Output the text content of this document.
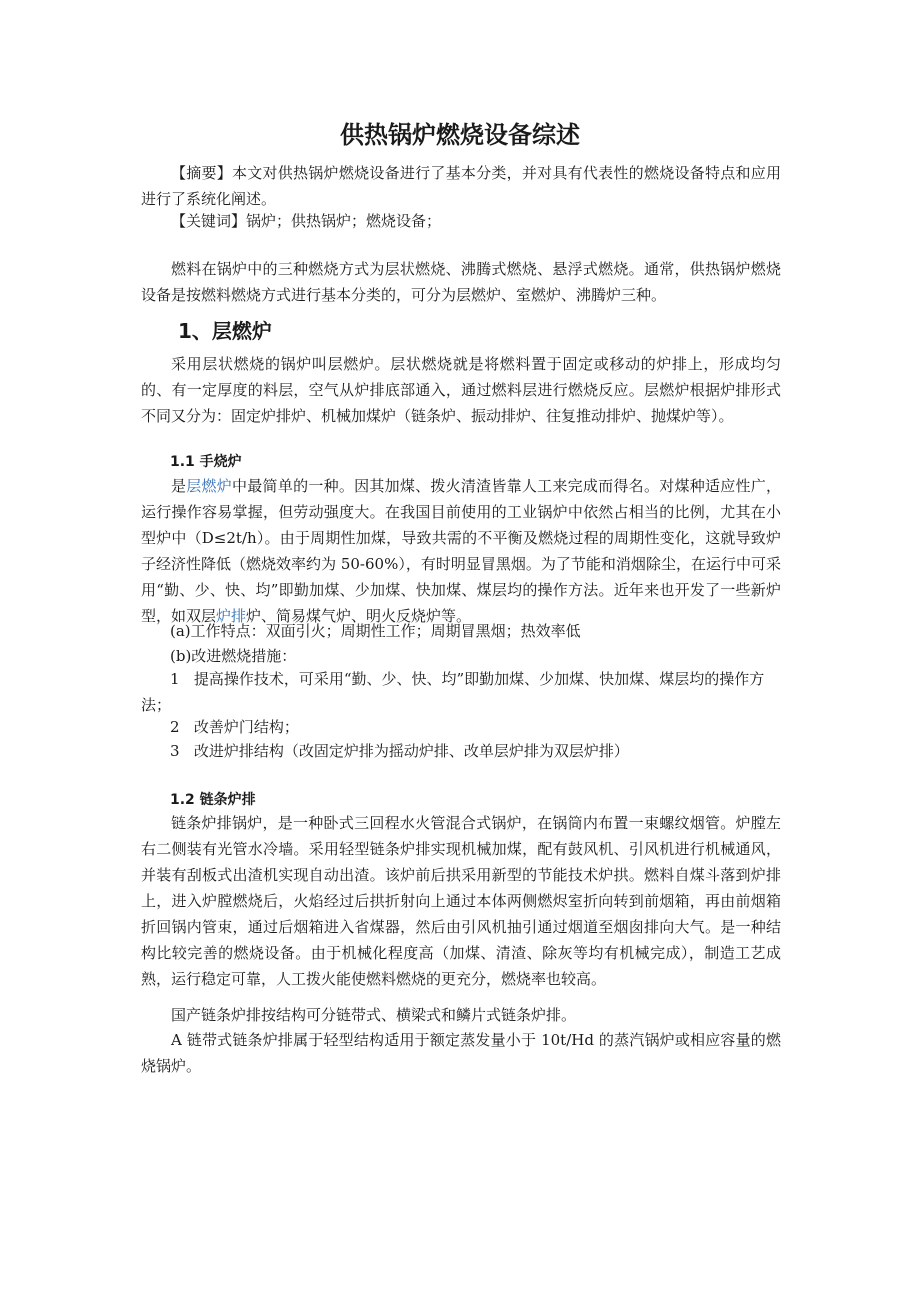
供热锅炉燃烧设备综述
【摘要】本文对供热锅炉燃烧设备进行了基本分类，并对具有代表性的燃烧设备特点和应用进行了系统化阐述。
【关键词】锅炉；供热锅炉；燃烧设备；
燃料在锅炉中的三种燃烧方式为层状燃烧、沸腾式燃烧、悬浮式燃烧。通常，供热锅炉燃烧设备是按燃料燃烧方式进行基本分类的，可分为层燃炉、室燃炉、沸腾炉三种。
1、层燃炉
采用层状燃烧的锅炉叫层燃炉。层状燃烧就是将燃料置于固定或移动的炉排上，形成均匀的、有一定厚度的料层，空气从炉排底部通入，通过燃料层进行燃烧反应。层燃炉根据炉排形式不同又分为：固定炉排炉、机械加煤炉（链条炉、振动排炉、往复推动排炉、抛煤炉等）。
1.1 手烧炉
是层燃炉中最简单的一种。因其加煤、拨火清渣皆靠人工来完成而得名。对煤种适应性广，运行操作容易掌握，但劳动强度大。在我国目前使用的工业锅炉中依然占相当的比例，尤其在小型炉中（D≤2t/h）。由于周期性加煤，导致共需的不平衡及燃烧过程的周期性变化，这就导致炉子经济性降低（燃烧效率约为 50-60%），有时明显冒黑烟。为了节能和消烟除尘，在运行中可采用“勤、少、快、均”即勤加煤、少加煤、快加煤、煤层均的操作方法。近年来也开发了一些新炉型，如双层炉排炉、简易煤气炉、明火反烧炉等。
(a)工作特点：双面引火；周期性工作；周期冒黑烟；热效率低
(b)改进燃烧措施：
1   提高操作技术，可采用“勤、少、快、均”即勤加煤、少加煤、快加煤、煤层均的操作方法；
2   改善炉门结构；
3   改进炉排结构（改固定炉排为摇动炉排、改单层炉排为双层炉排）
1.2 链条炉排
链条炉排锅炉，是一种卧式三回程水火管混合式锅炉，在锅筒内布置一束螺纹烟管。炉膛左右二侧装有光管水冷墙。采用轻型链条炉排实现机械加煤，配有鼓风机、引风机进行机械通风，并装有刮板式出渣机实现自动出渣。该炉前后拱采用新型的节能技术炉拱。燃料自煤斗落到炉排上，进入炉膛燃烧后，火焰经过后拱折射向上通过本体两侧燃烬室折向转到前烟箱，再由前烟箱折回锅内管束，通过后烟箱进入省煤器，然后由引风机抽引通过烟道至烟囱排向大气。是一种结构比较完善的燃烧设备。由于机械化程度高（加煤、清渣、除灰等均有机械完成），制造工艺成熟，运行稳定可靠，人工拨火能使燃料燃烧的更充分，燃烧率也较高。
国产链条炉排按结构可分链带式、横梁式和鳞片式链条炉排。
A 链带式链条炉排属于轻型结构适用于额定蒸发量小于 10t/Hd 的蒸汽锅炉或相应容量的燃烧锅炉。
